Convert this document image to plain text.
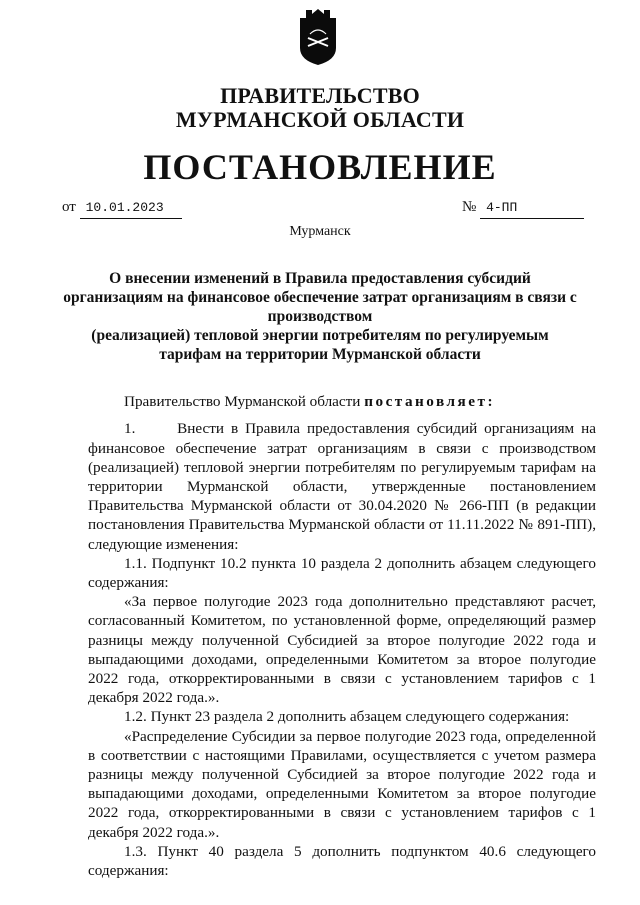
ПРАВИТЕЛЬСТВО
МУРМАНСКОЙ ОБЛАСТИ
ПОСТАНОВЛЕНИЕ
от 10.01.2023	№ 4-ПП
Мурманск
О внесении изменений в Правила предоставления субсидий
организациям на финансовое обеспечение затрат организациям в связи с
производством
(реализацией) тепловой энергии потребителям по регулируемым
тарифам на территории Мурманской области

Правительство Мурманской области постановляет:

1.	Внести в Правила предоставления субсидий организациям на финансовое обеспечение затрат организациям в связи с производством (реализацией) тепловой энергии потребителям по регулируемым тарифам на территории Мурманской области, утвержденные постановлением Правительства Мурманской области от 30.04.2020 № 266-ПП (в редакции постановления Правительства Мурманской области от 11.11.2022 № 891-ПП), следующие изменения:

1.1. Подпункт 10.2 пункта 10 раздела 2 дополнить абзацем следующего содержания:

«За первое полугодие 2023 года дополнительно представляют расчет, согласованный Комитетом, по установленной форме, определяющий размер разницы между полученной Субсидией за второе полугодие 2022 года и выпадающими доходами, определенными Комитетом за второе полугодие 2022 года, откорректированными в связи с установлением тарифов с 1 декабря 2022 года.».

1.2. Пункт 23 раздела 2 дополнить абзацем следующего содержания:

«Распределение Субсидии за первое полугодие 2023 года, определенной в соответствии с настоящими Правилами, осуществляется с учетом размера разницы между полученной Субсидией за второе полугодие 2022 года и выпадающими доходами, определенными Комитетом за второе полугодие 2022 года, откорректированными в связи с установлением тарифов с 1 декабря 2022 года.».

1.3. Пункт 40 раздела 5 дополнить подпунктом 40.6 следующего содержания:
